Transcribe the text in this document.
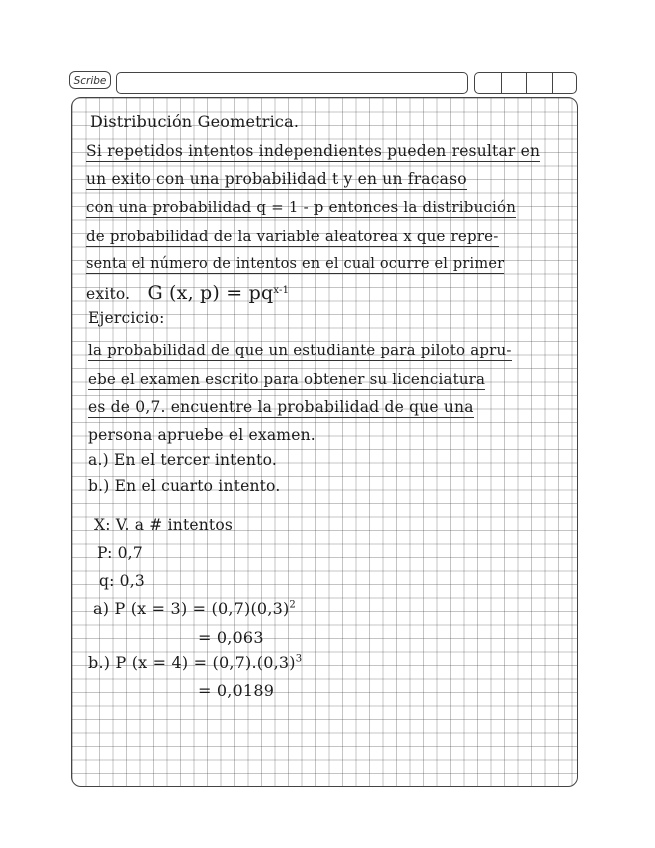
Scribe
Distribución Geometrica.
Si repetidos intentos independientes pueden resultar en
un exito con una probabilidad t y en un fracaso
con una probabilidad q = 1 - p entonces la distribución
de probabilidad de la variable aleatorea x que repre-
senta el número de intentos en el cual ocurre el primer
exito. G (x, $p) = pq^{x-1}$
Ejercicio:
la probabilidad de que un estudiante para piloto apru-
ebe el examen escrito para obtener su licenciatura
es de 0,7. encuentre la probabilidad de que una
persona apruebe el examen.
a.) En el tercer intento.
b.) En el cuarto intento.
X: V. a # intentos
P: 0,7
q: 0,3
a) P $(x = 3) = (0,7)(0,3)^2$
= 0,063
b.) P $(x = 4) = (0,7).(0,3)^3$
= 0,0189
